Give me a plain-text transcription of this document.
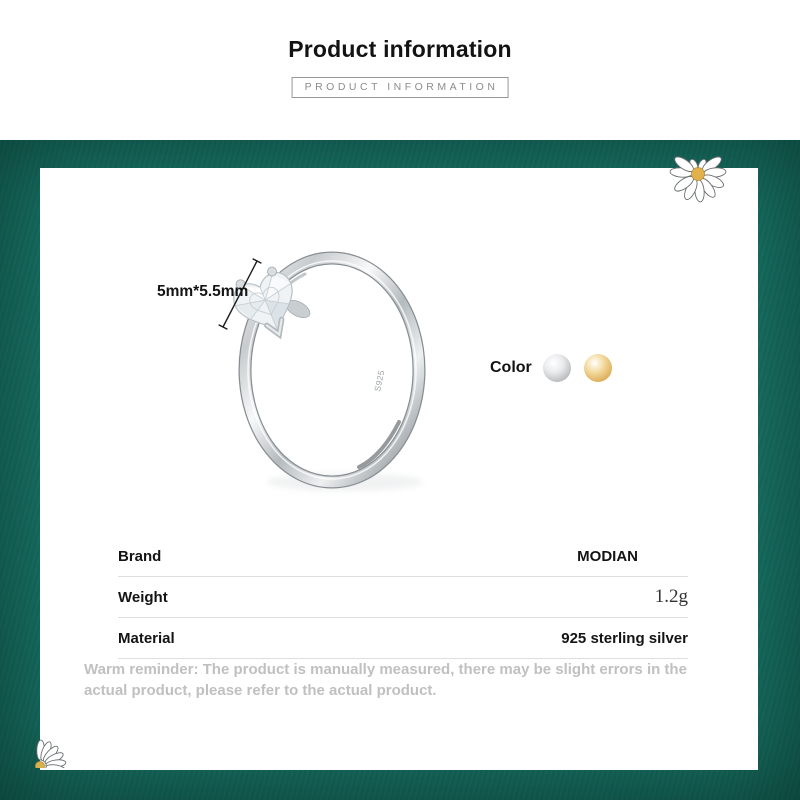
Product information
PRODUCT INFORMATION
S925
5mm*5.5mm
Color
Brand	MODIAN
Weight	1.2g
Material	925 sterling silver
Warm reminder: The product is manually measured, there may be slight errors in the actual product, please refer to the actual product.
